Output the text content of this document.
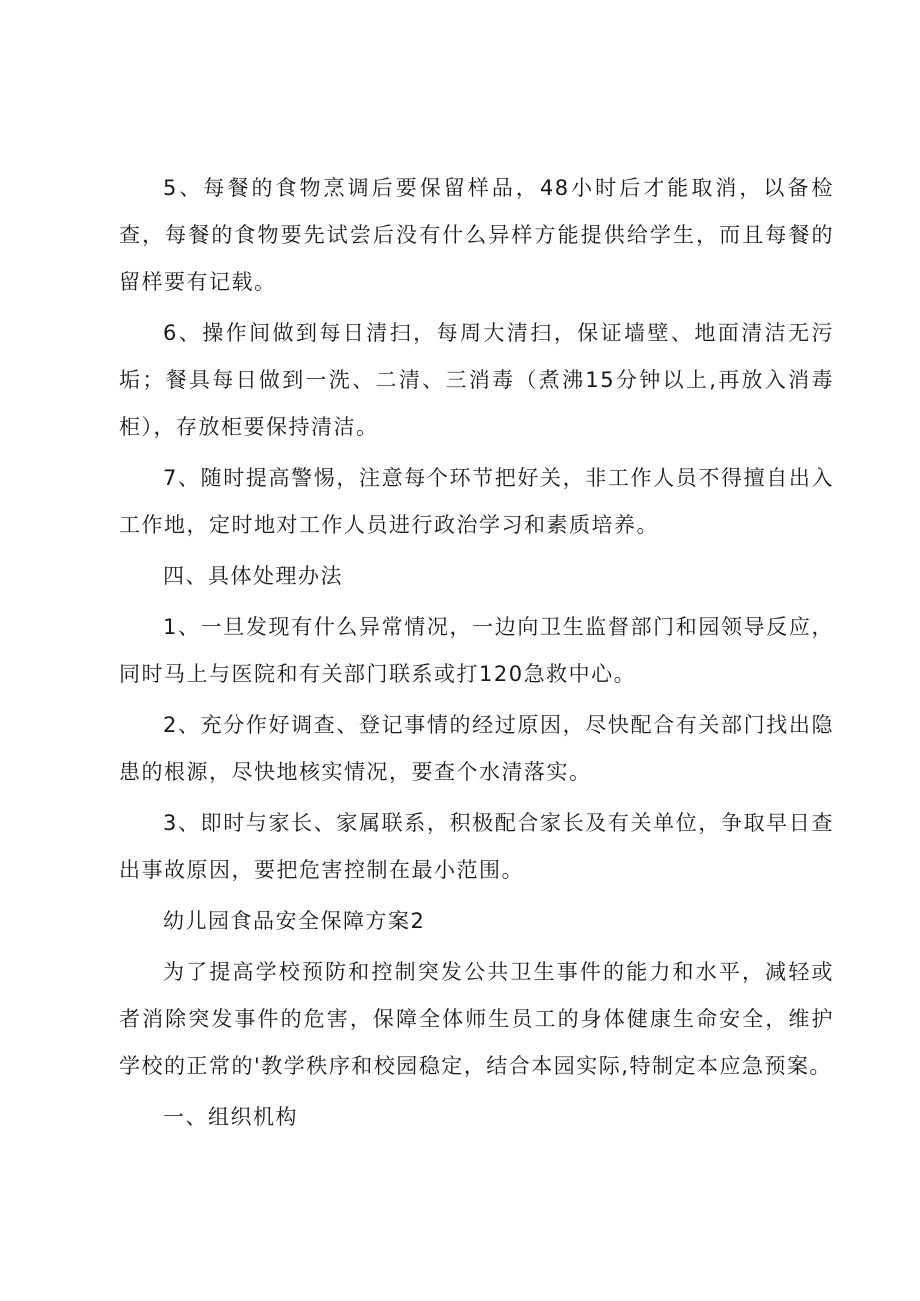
5、每餐的食物烹调后要保留样品，48小时后才能取消，以备检查，每餐的食物要先试尝后没有什么异样方能提供给学生，而且每餐的留样要有记载。

6、操作间做到每日清扫，每周大清扫，保证墙壁、地面清洁无污垢；餐具每日做到一洗、二清、三消毒（煮沸15分钟以上,再放入消毒柜），存放柜要保持清洁。

7、随时提高警惕，注意每个环节把好关，非工作人员不得擅自出入工作地，定时地对工作人员进行政治学习和素质培养。

四、具体处理办法

1、一旦发现有什么异常情况，一边向卫生监督部门和园领导反应，同时马上与医院和有关部门联系或打120急救中心。

2、充分作好调查、登记事情的经过原因，尽快配合有关部门找出隐患的根源，尽快地核实情况，要查个水清落实。

3、即时与家长、家属联系，积极配合家长及有关单位，争取早日查出事故原因，要把危害控制在最小范围。

幼儿园食品安全保障方案2

为了提高学校预防和控制突发公共卫生事件的能力和水平，减轻或者消除突发事件的危害，保障全体师生员工的身体健康生命安全，维护学校的正常的'教学秩序和校园稳定，结合本园实际,特制定本应急预案。

一、组织机构
